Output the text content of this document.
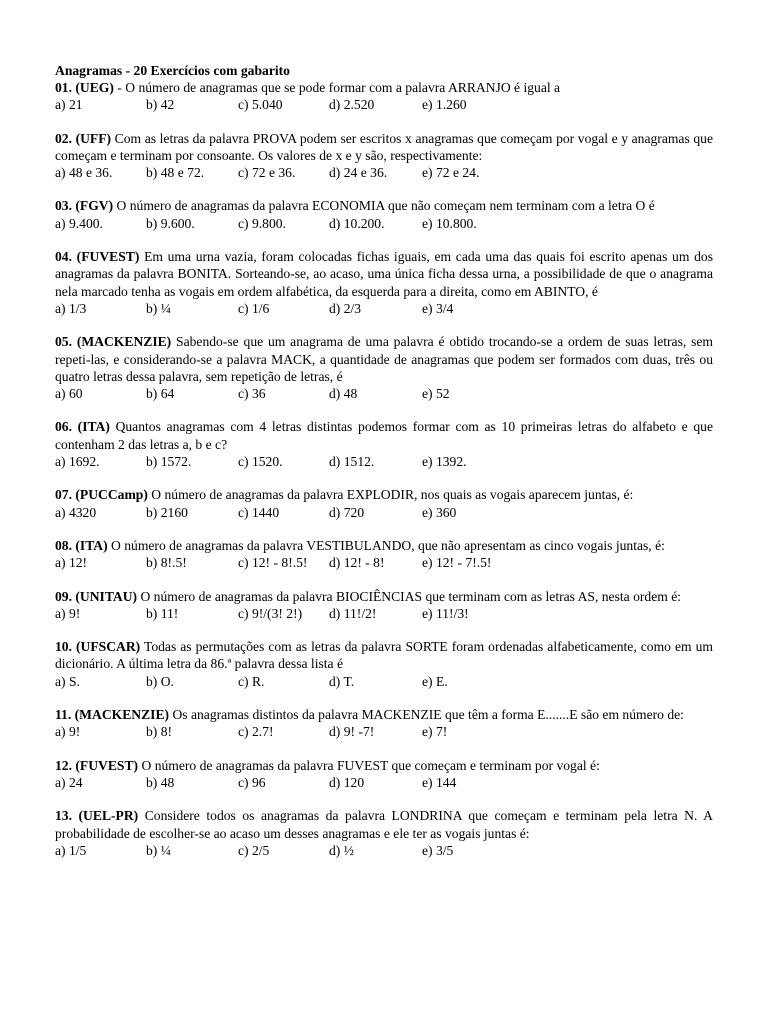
Anagramas - 20 Exercícios com gabarito

01. (UEG) - O número de anagramas que se pode formar com a palavra ARRANJO é igual a

a) 21	b) 42	c) 5.040	d) 2.520	e) 1.260

02. (UFF) Com as letras da palavra PROVA podem ser escritos x anagramas que começam por vogal e y anagramas que começam e terminam por consoante. Os valores de x e y são, respectivamente:

a) 48 e 36.	b) 48 e 72.	c) 72 e 36.	d) 24 e 36.	e) 72 e 24.

03. (FGV) O número de anagramas da palavra ECONOMIA que não começam nem terminam com a letra O é

a) 9.400.	b) 9.600.	c) 9.800.	d) 10.200.	e) 10.800.

04. (FUVEST) Em uma urna vazia, foram colocadas fichas iguais, em cada uma das quais foi escrito apenas um dos anagramas da palavra BONITA. Sorteando-se, ao acaso, uma única ficha dessa urna, a possibilidade de que o anagrama nela marcado tenha as vogais em ordem alfabética, da esquerda para a direita, como em ABINTO, é

a) 1/3	b) ¼	c) 1/6	d) 2/3	e) 3/4

05. (MACKENZIE) Sabendo-se que um anagrama de uma palavra é obtido trocando-se a ordem de suas letras, sem repeti-las, e considerando-se a palavra MACK, a quantidade de anagramas que podem ser formados com duas, três ou quatro letras dessa palavra, sem repetição de letras, é

a) 60	b) 64	c) 36	d) 48	e) 52

06. (ITA) Quantos anagramas com 4 letras distintas podemos formar com as 10 primeiras letras do alfabeto e que contenham 2 das letras a, b e c?

a) 1692.	b) 1572.	c) 1520.	d) 1512.	e) 1392.

07. (PUCCamp) O número de anagramas da palavra EXPLODIR, nos quais as vogais aparecem juntas, é:

a) 4320	b) 2160	c) 1440	d) 720	e) 360

08. (ITA) O número de anagramas da palavra VESTIBULANDO, que não apresentam as cinco vogais juntas, é:

a) 12!	b) 8!.5!	c) 12! - 8!.5!	d) 12! - 8!	e) 12! - 7!.5!

09. (UNITAU) O número de anagramas da palavra BIOCIÊNCIAS que terminam com as letras AS, nesta ordem é:

a) 9!	b) 11!	c) 9!/(3! 2!)	d) 11!/2!	e) 11!/3!

10. (UFSCAR) Todas as permutações com as letras da palavra SORTE foram ordenadas alfabeticamente, como em um dicionário. A última letra da 86.ª palavra dessa lista é

a) S.	b) O.	c) R.	d) T.	e) E.

11. (MACKENZIE) Os anagramas distintos da palavra MACKENZIE que têm a forma E.......E são em número de:

a) 9!	b) 8!	c) 2.7!	d) 9! -7!	e) 7!

12. (FUVEST) O número de anagramas da palavra FUVEST que começam e terminam por vogal é:

a) 24	b) 48	c) 96	d) 120	e) 144

13. (UEL-PR) Considere todos os anagramas da palavra LONDRINA que começam e terminam pela letra N. A probabilidade de escolher-se ao acaso um desses anagramas e ele ter as vogais juntas é:

a) 1/5	b) ¼	c) 2/5	d) ½	e) 3/5
